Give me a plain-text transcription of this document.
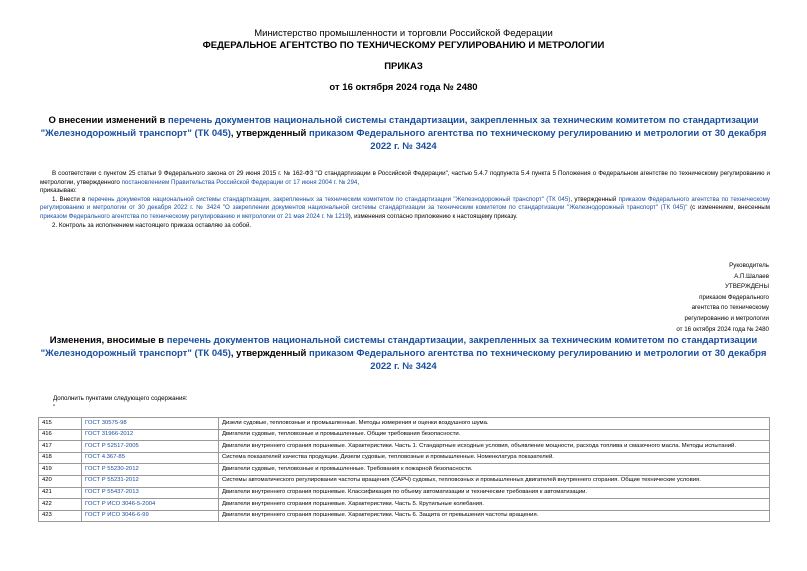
Министерство промышленности и торговли Российской Федерации
ФЕДЕРАЛЬНОЕ АГЕНТСТВО ПО ТЕХНИЧЕСКОМУ РЕГУЛИРОВАНИЮ И МЕТРОЛОГИИ
ПРИКАЗ
от 16 октября 2024 года № 2480
О внесении изменений в перечень документов национальной системы стандартизации, закрепленных за техническим комитетом по стандартизации "Железнодорожный транспорт" (ТК 045), утвержденный приказом Федерального агентства по техническому регулированию и метрологии от 30 декабря 2022 г. № 3424

В соответствии с пунктом 25 статьи 9 Федерального закона от 29 июня 2015 г. № 162-ФЗ "О стандартизации в Российской Федерации", частью 5.4.7 подпункта 5.4 пункта 5 Положения о Федеральном агентстве по техническому регулированию и метрологии, утвержденного постановлением Правительства Российской Федерации от 17 июня 2004 г. № 294,

приказываю:

1. Внести в перечень документов национальной системы стандартизации, закрепленных за техническим комитетом по стандартизации "Железнодорожный транспорт" (ТК 045), утвержденный приказом Федерального агентства по техническому регулированию и метрологии от 30 декабря 2022 г. № 3424 "О закреплении документов национальной системы стандартизации за техническим комитетом по стандартизации "Железнодорожный транспорт" (ТК 045)" (с изменением, внесенным приказом Федерального агентства по техническому регулированию и метрологии от 21 мая 2024 г. № 1219), изменения согласно приложению к настоящему приказу.

2. Контроль за исполнением настоящего приказа оставляю за собой.

Руководитель
А.П.Шалаев
УТВЕРЖДЕНЫ
приказом Федерального
агентства по техническому
регулированию и метрологии
от 16 октября 2024 года № 2480
Изменения, вносимые в перечень документов национальной системы стандартизации, закрепленных за техническим комитетом по стандартизации "Железнодорожный транспорт" (ТК 045), утвержденный приказом Федерального агентства по техническому регулированию и метрологии от 30 декабря 2022 г. № 3424
Дополнить пунктами следующего содержания:
"
415	ГОСТ 30575-98	Дизели судовые, тепловозные и промышленные. Методы измерения и оценки воздушного шума.
416	ГОСТ 31966-2012	Двигатели судовые, тепловозные и промышленные. Общие требования безопасности.
417	ГОСТ Р 52517-2005	Двигатели внутреннего сгорания поршневые. Характеристики. Часть 1. Стандартные исходные условия, объявление мощности, расхода топлива и смазочного масла. Методы испытаний.
418	ГОСТ 4.367-85	Система показателей качества продукции. Дизели судовые, тепловозные и промышленные. Номенклатура показателей.
419	ГОСТ Р 55230-2012	Двигатели судовые, тепловозные и промышленные. Требования к пожарной безопасности.
420	ГОСТ Р 55231-2012	Системы автоматического регулирования частоты вращения (САРЧ) судовых, тепловозных и промышленных двигателей внутреннего сгорания. Общие технические условия.
421	ГОСТ Р 55437-2013	Двигатели внутреннего сгорания поршневые. Классификация по объему автоматизации и технические требования к автоматизации.
422	ГОСТ Р ИСО 3046-5-2004	Двигатели внутреннего сгорания поршневые. Характеристики. Часть 5. Крутильные колебания.
423	ГОСТ Р ИСО 3046-6-99	Двигатели внутреннего сгорания поршневые. Характеристики. Часть 6. Защита от превышения частоты вращения.
